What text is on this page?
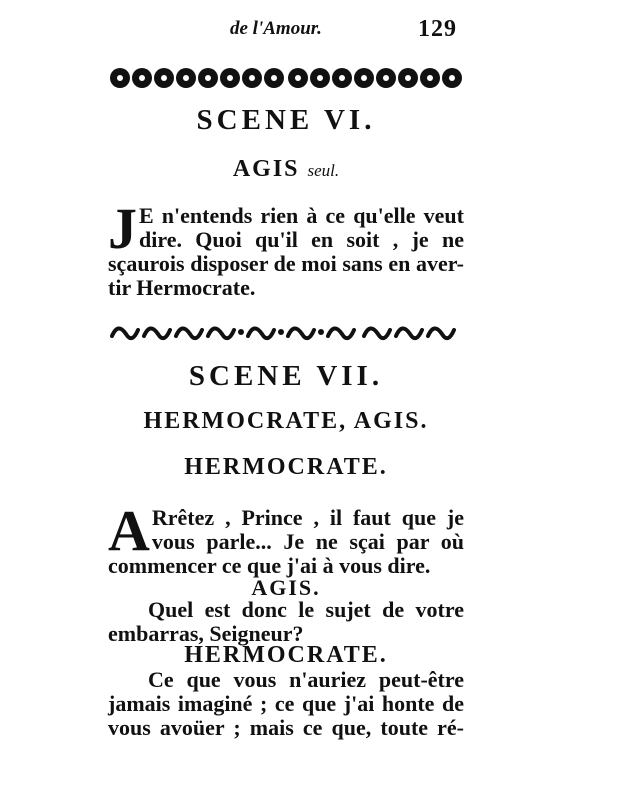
de l'Amour.	129
SCENE VI.
AGIS seul.
J E n'entends rien à ce qu'elle veut
dire. Quoi qu'il en soit , je ne
sçaurois disposer de moi sans en aver-
tir Hermocrate.
SCENE VII.
HERMOCRATE, AGIS.
HERMOCRATE.
A Rrêtez , Prince , il faut que je
vous parle... Je ne sçai par où
commencer ce que j'ai à vous dire.
AGIS.
Quel est donc le sujet de votre
embarras, Seigneur?
HERMOCRATE.
Ce que vous n'auriez peut-être
jamais imaginé ; ce que j'ai honte de
vous avoüer ; mais ce que, toute ré-
